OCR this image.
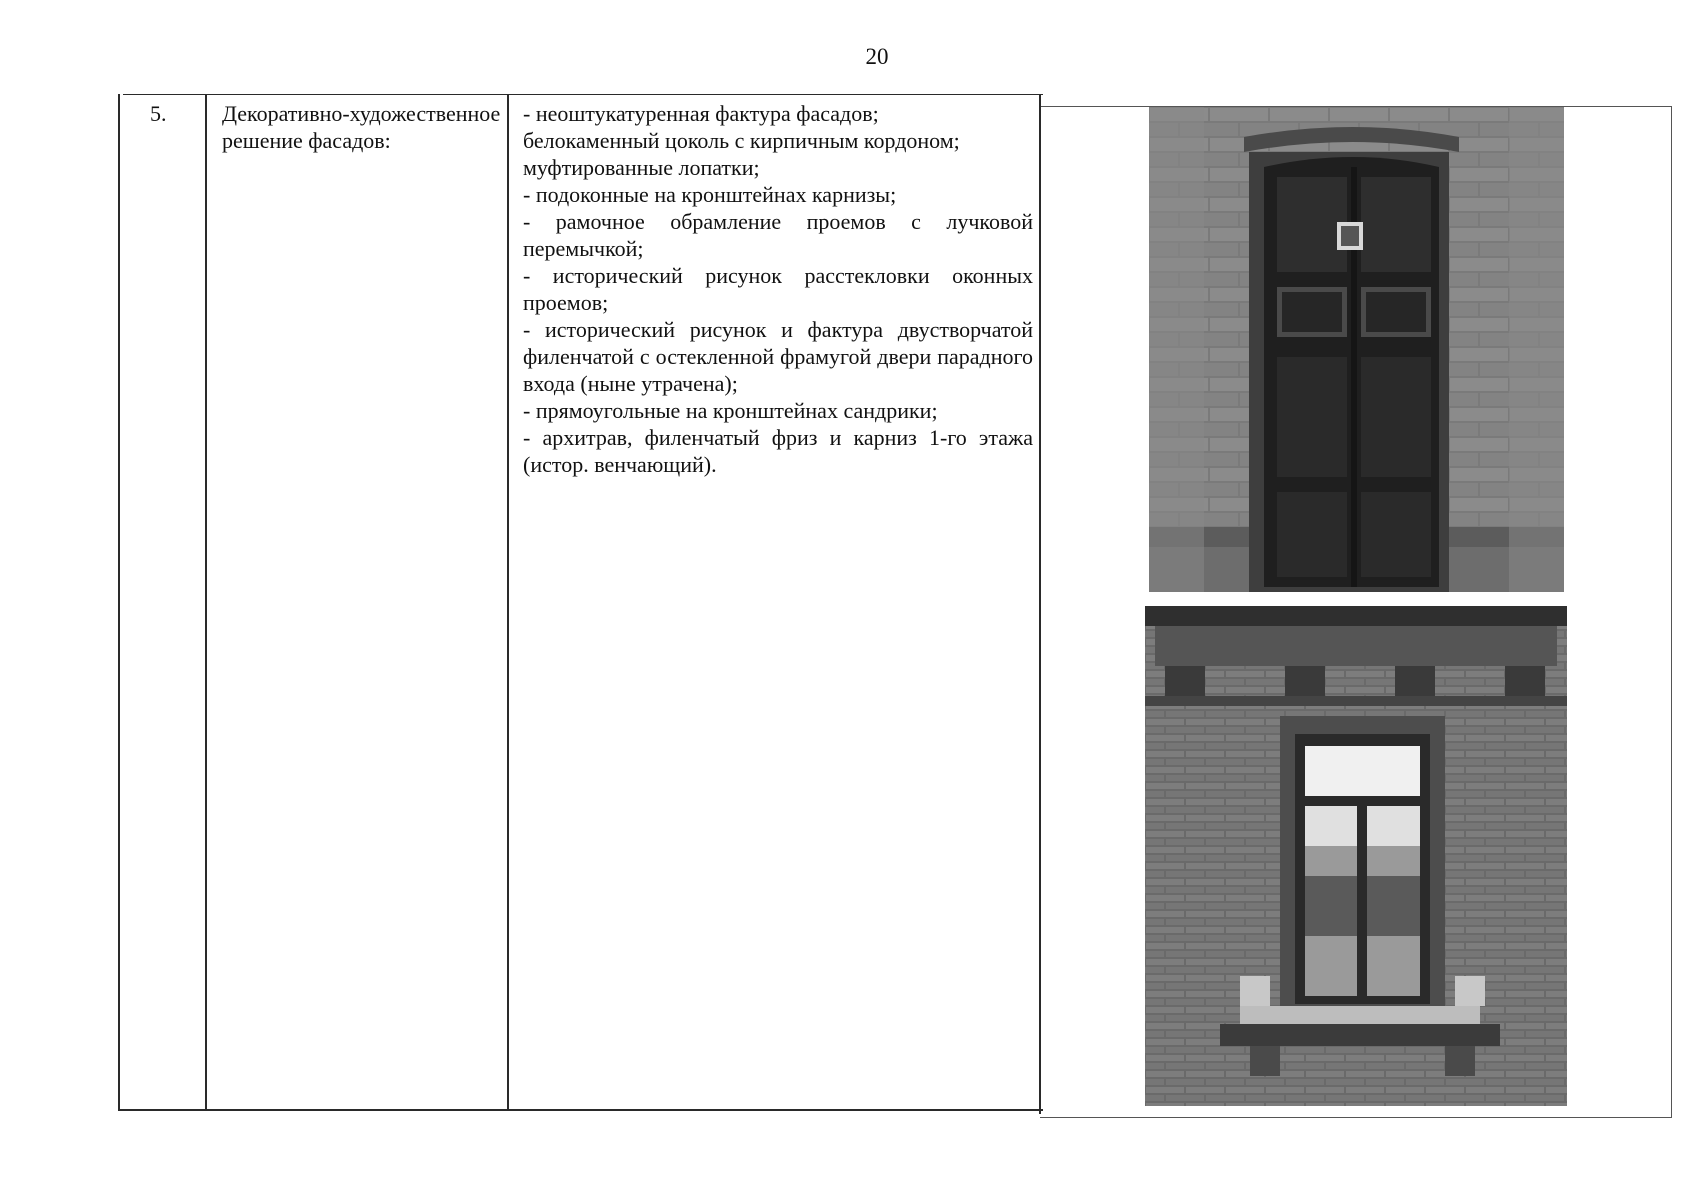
20
5.	Декоративно-художественное решение фасадов:
- неоштукатуренная фактура фасадов;
белокаменный цоколь с кирпичным кордоном;
муфтированные лопатки;
- подоконные на кронштейнах карнизы;
- рамочное обрамление проемов с лучковой перемычкой;
- исторический рисунок расстекловки оконных проемов;
- исторический рисунок и фактура двустворчатой филенчатой с остекленной фрамугой двери парадного входа (ныне утрачена);
- прямоугольные на кронштейнах сандрики;
- архитрав, филенчатый фриз и карниз 1-го этажа (истор. венчающий).
